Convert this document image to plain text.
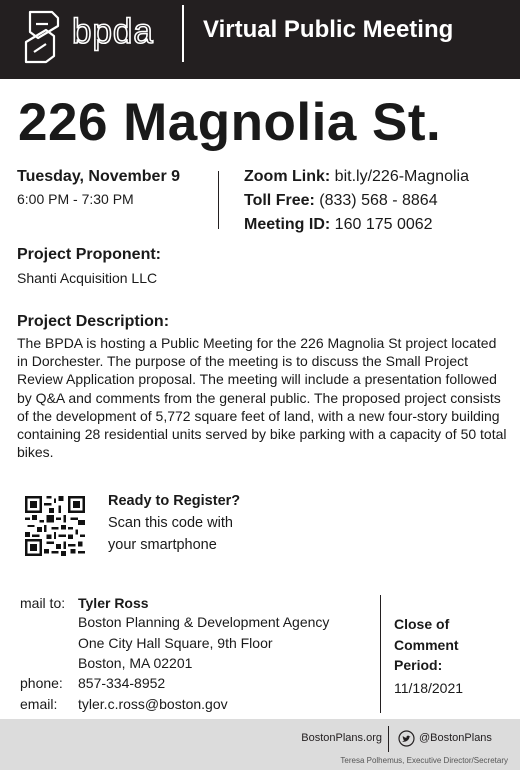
bpda Virtual Public Meeting
226 Magnolia St.
Tuesday, November 9
6:00 PM - 7:30 PM
Zoom Link: bit.ly/226-Magnolia
Toll Free: (833) 568 - 8864
Meeting ID: 160 175 0062
Project Proponent:
Shanti Acquisition LLC
Project Description:
The BPDA is hosting a Public Meeting for the 226 Magnolia St project located in Dorchester. The purpose of the meeting is to discuss the Small Project Review Application proposal. The meeting will include a presentation followed by Q&A and comments from the general public. The proposed project consists of the development of 5,772 square feet of land, with a new four-story building containing 28 residential units served by bike parking with a capacity of 50 total bikes.
Ready to Register?
Scan this code with
your smartphone
mail to: Tyler Ross
Boston Planning & Development Agency
One City Hall Square, 9th Floor
Boston, MA 02201
phone: 857-334-8952
email: tyler.c.ross@boston.gov
Close of Comment Period:
11/18/2021
BostonPlans.org	@BostonPlans
Teresa Polhemus, Executive Director/Secretary
